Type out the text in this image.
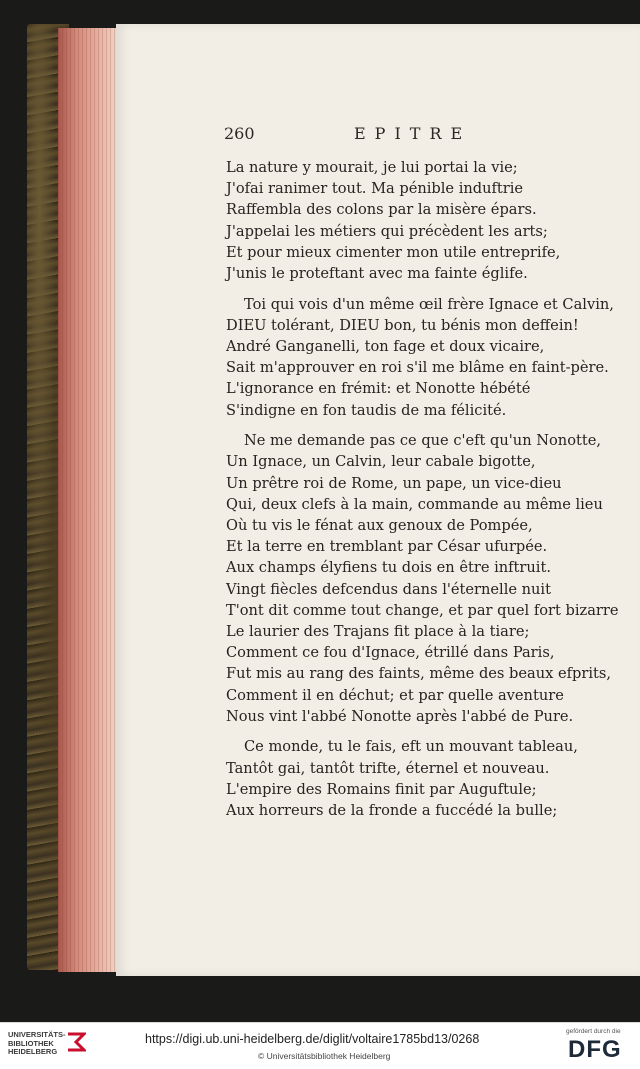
260	EPITRE
La nature y mourait, je lui portai la vie;
J'ofai ranimer tout. Ma pénible induftrie
Raffembla des colons par la misère épars.
J'appelai les métiers qui précèdent les arts;
Et pour mieux cimenter mon utile entreprife,
J'unis le proteftant avec ma fainte églife.
Toi qui vois d'un même œil frère Ignace et Calvin,
DIEU tolérant, DIEU bon, tu bénis mon deffein!
André Ganganelli, ton fage et doux vicaire,
Sait m'approuver en roi s'il me blâme en faint-père.
L'ignorance en frémit: et Nonotte hébété
S'indigne en fon taudis de ma félicité.
Ne me demande pas ce que c'eft qu'un Nonotte,
Un Ignace, un Calvin, leur cabale bigotte,
Un prêtre roi de Rome, un pape, un vice-dieu
Qui, deux clefs à la main, commande au même lieu
Où tu vis le fénat aux genoux de Pompée,
Et la terre en tremblant par César ufurpée.
Aux champs élyfiens tu dois en être inftruit.
Vingt fiècles defcendus dans l'éternelle nuit
T'ont dit comme tout change, et par quel fort bizarre
Le laurier des Trajans fit place à la tiare;
Comment ce fou d'Ignace, étrillé dans Paris,
Fut mis au rang des faints, même des beaux efprits,
Comment il en déchut; et par quelle aventure
Nous vint l'abbé Nonotte après l'abbé de Pure.
Ce monde, tu le fais, eft un mouvant tableau,
Tantôt gai, tantôt trifte, éternel et nouveau.
L'empire des Romains finit par Auguftule;
Aux horreurs de la fronde a fuccédé la bulle;
UNIVERSITÄTS-
BIBLIOTHEK
HEIDELBERG
https://digi.ub.uni-heidelberg.de/diglit/voltaire1785bd13/0268
© Universitätsbibliothek Heidelberg
gefördert durch die
DFG
